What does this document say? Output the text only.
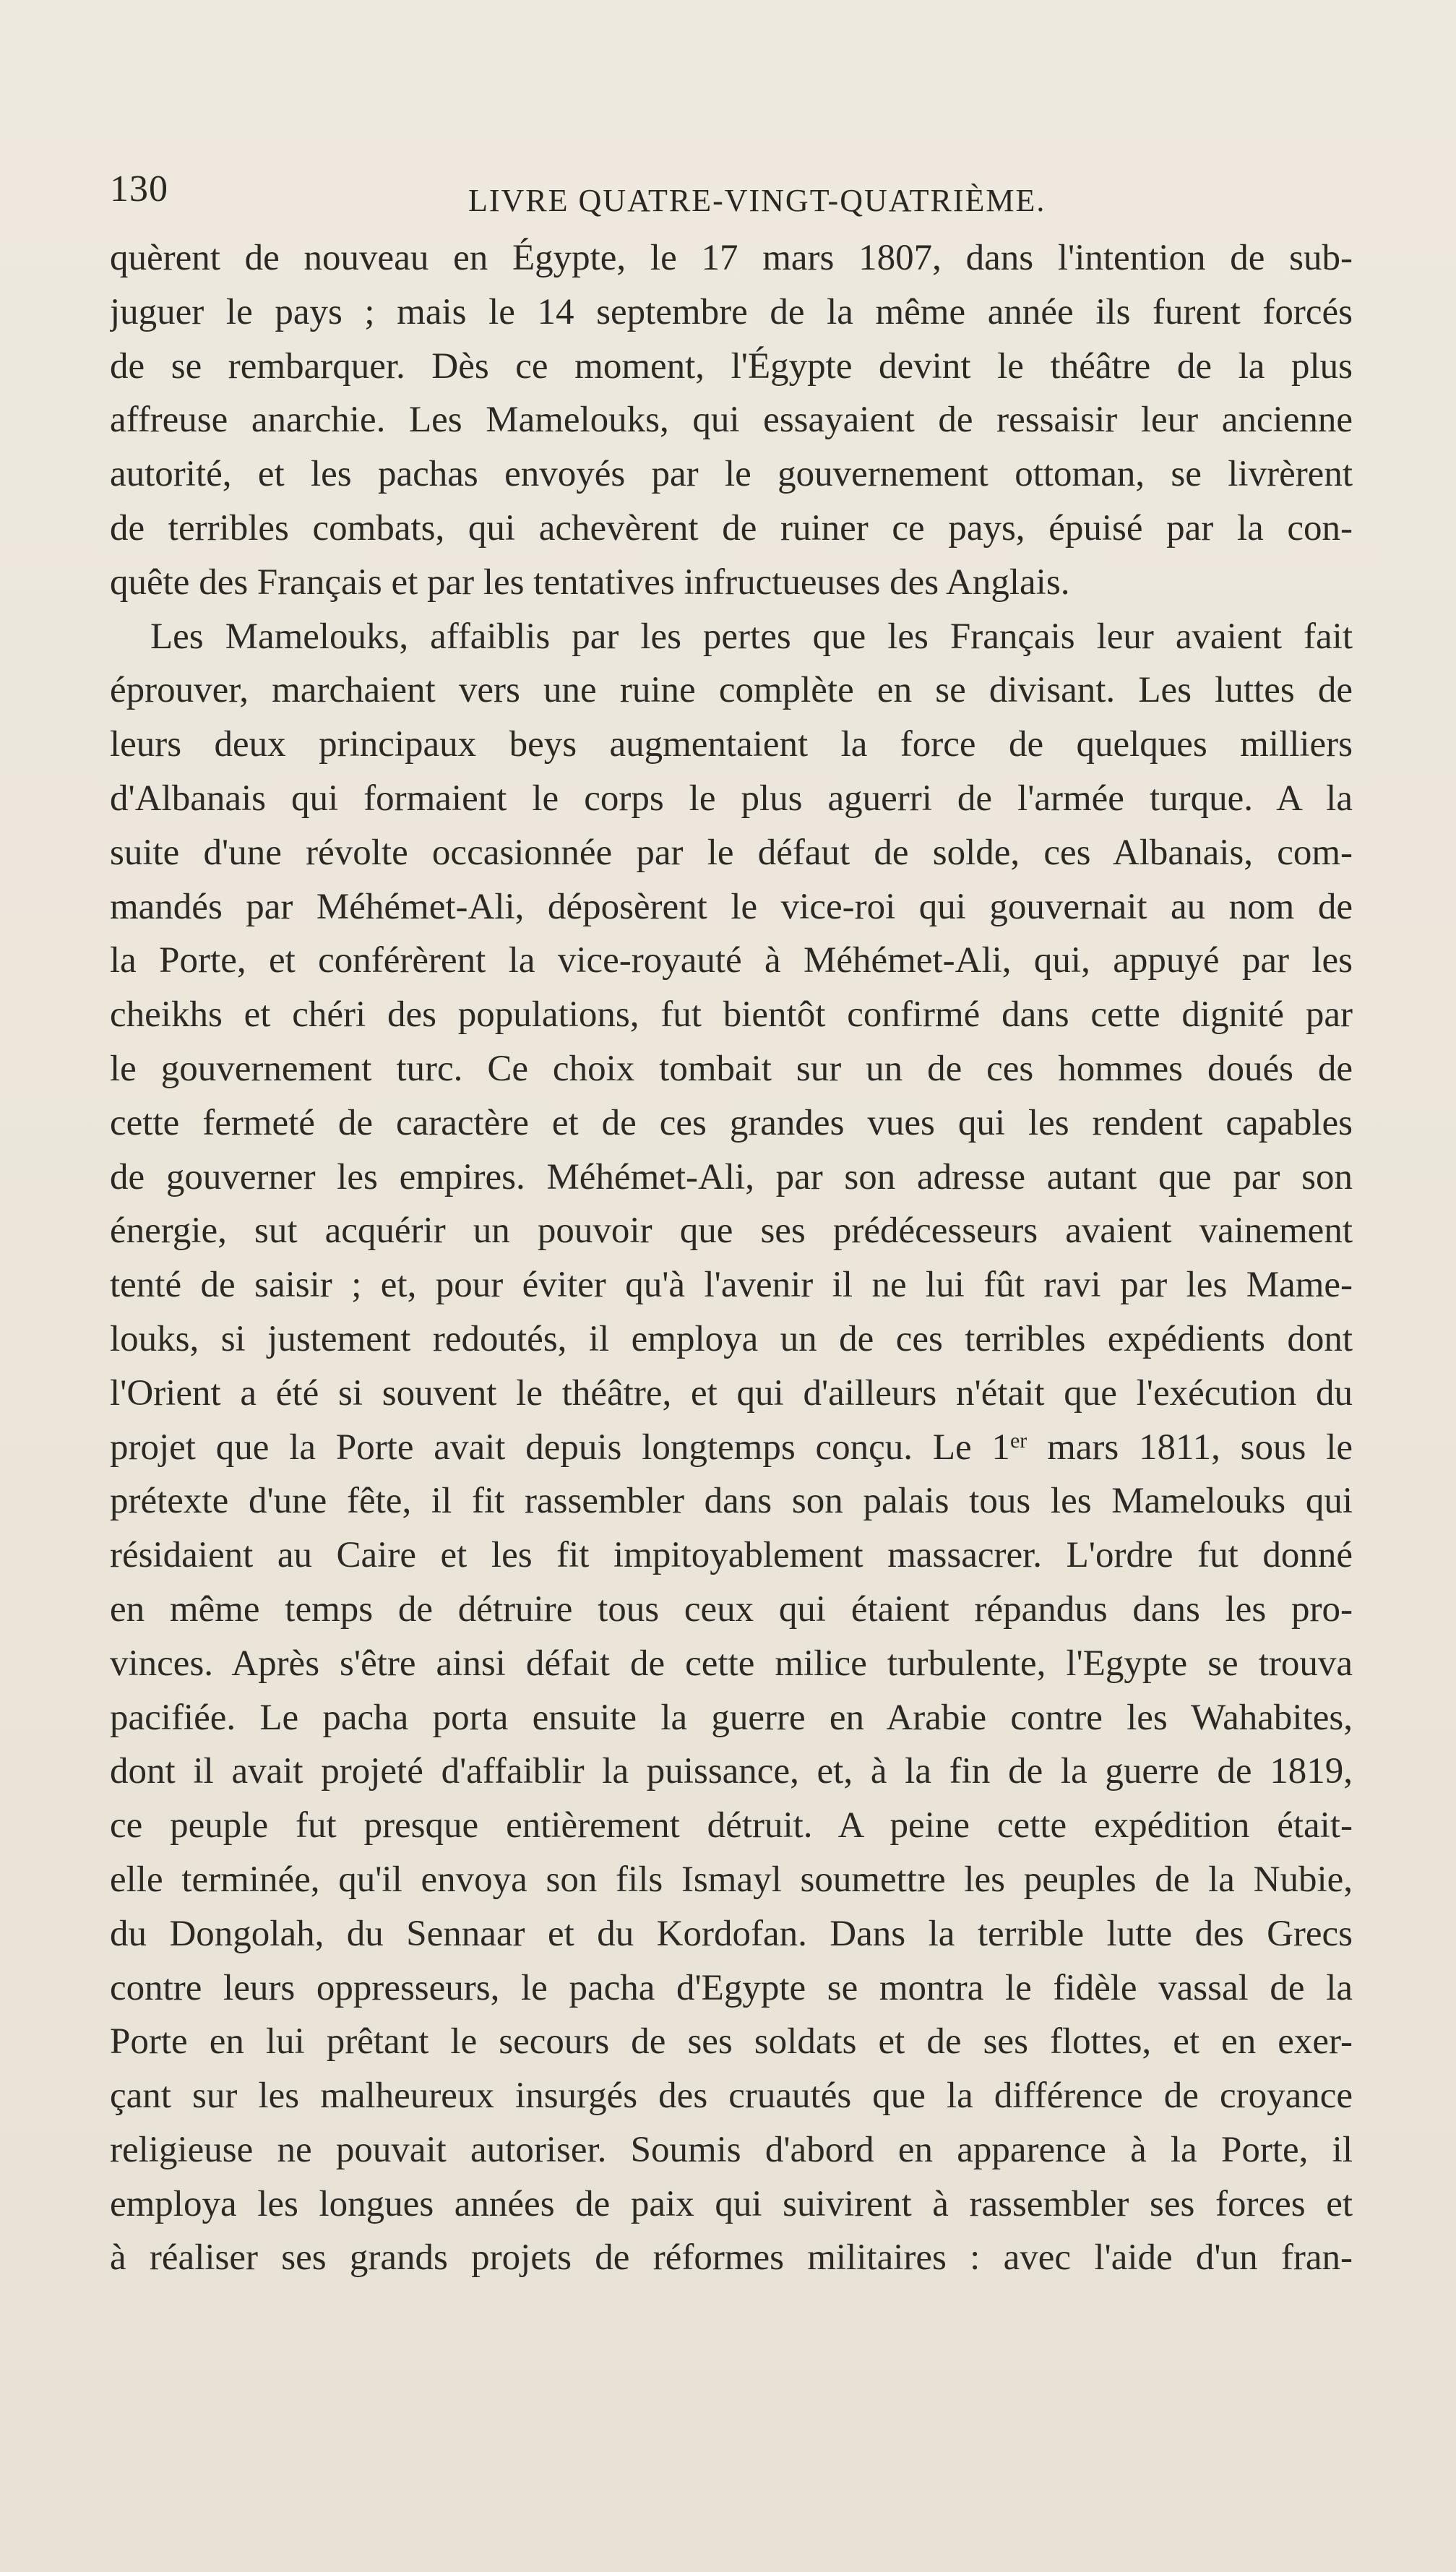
130	LIVRE QUATRE-VINGT-QUATRIÈME.
quèrent de nouveau en Égypte, le 17 mars 1807, dans l'intention de sub-
juguer le pays ; mais le 14 septembre de la même année ils furent forcés
de se rembarquer. Dès ce moment, l'Égypte devint le théâtre de la plus
affreuse anarchie. Les Mamelouks, qui essayaient de ressaisir leur ancienne
autorité, et les pachas envoyés par le gouvernement ottoman, se livrèrent
de terribles combats, qui achevèrent de ruiner ce pays, épuisé par la con-
quête des Français et par les tentatives infructueuses des Anglais.
Les Mamelouks, affaiblis par les pertes que les Français leur avaient fait
éprouver, marchaient vers une ruine complète en se divisant. Les luttes de
leurs deux principaux beys augmentaient la force de quelques milliers
d'Albanais qui formaient le corps le plus aguerri de l'armée turque. A la
suite d'une révolte occasionnée par le défaut de solde, ces Albanais, com-
mandés par Méhémet-Ali, déposèrent le vice-roi qui gouvernait au nom de
la Porte, et conférèrent la vice-royauté à Méhémet-Ali, qui, appuyé par les
cheikhs et chéri des populations, fut bientôt confirmé dans cette dignité par
le gouvernement turc. Ce choix tombait sur un de ces hommes doués de
cette fermeté de caractère et de ces grandes vues qui les rendent capables
de gouverner les empires. Méhémet-Ali, par son adresse autant que par son
énergie, sut acquérir un pouvoir que ses prédécesseurs avaient vainement
tenté de saisir ; et, pour éviter qu'à l'avenir il ne lui fût ravi par les Mame-
louks, si justement redoutés, il employa un de ces terribles expédients dont
l'Orient a été si souvent le théâtre, et qui d'ailleurs n'était que l'exécution du
projet que la Porte avait depuis longtemps conçu. Le 1er mars 1811, sous le
prétexte d'une fête, il fit rassembler dans son palais tous les Mamelouks qui
résidaient au Caire et les fit impitoyablement massacrer. L'ordre fut donné
en même temps de détruire tous ceux qui étaient répandus dans les pro-
vinces. Après s'être ainsi défait de cette milice turbulente, l'Egypte se trouva
pacifiée. Le pacha porta ensuite la guerre en Arabie contre les Wahabites,
dont il avait projeté d'affaiblir la puissance, et, à la fin de la guerre de 1819,
ce peuple fut presque entièrement détruit. A peine cette expédition était-
elle terminée, qu'il envoya son fils Ismayl soumettre les peuples de la Nubie,
du Dongolah, du Sennaar et du Kordofan. Dans la terrible lutte des Grecs
contre leurs oppresseurs, le pacha d'Egypte se montra le fidèle vassal de la
Porte en lui prêtant le secours de ses soldats et de ses flottes, et en exer-
çant sur les malheureux insurgés des cruautés que la différence de croyance
religieuse ne pouvait autoriser. Soumis d'abord en apparence à la Porte, il
employa les longues années de paix qui suivirent à rassembler ses forces et
à réaliser ses grands projets de réformes militaires : avec l'aide d'un fran-
